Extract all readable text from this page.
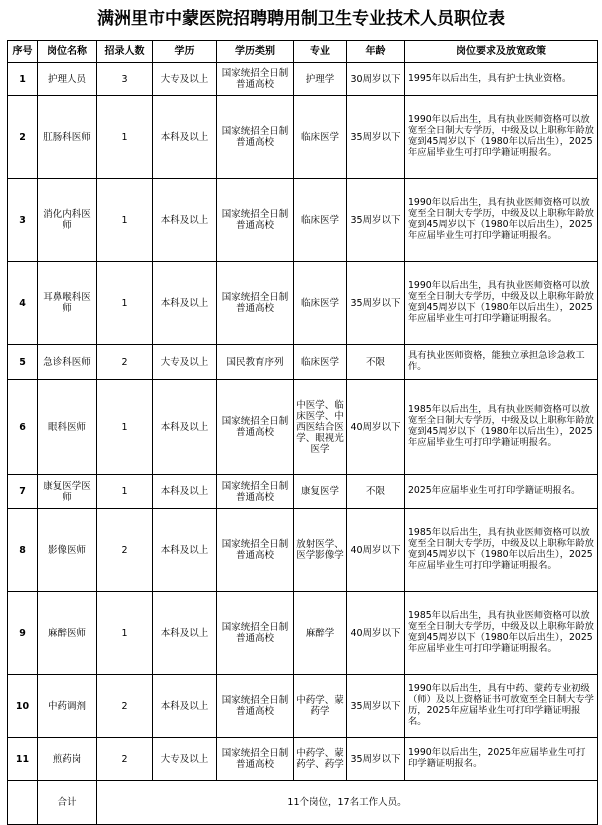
满洲里市中蒙医院招聘聘用制卫生专业技术人员职位表
序号	岗位名称	招录人数	学历	学历类别	专业	年龄	岗位要求及放宽政策
1	护理人员	3	大专及以上	国家统招全日制普通高校	护理学	30周岁以下	1995年以后出生，具有护士执业资格。
2	肛肠科医师	1	本科及以上	国家统招全日制普通高校	临床医学	35周岁以下	1990年以后出生，具有执业医师资格可以放宽至全日制大专学历，中级及以上职称年龄放宽到45周岁以下（1980年以后出生），2025年应届毕业生可打印学籍证明报名。
3	消化内科医师	1	本科及以上	国家统招全日制普通高校	临床医学	35周岁以下	1990年以后出生，具有执业医师资格可以放宽至全日制大专学历，中级及以上职称年龄放宽到45周岁以下（1980年以后出生），2025年应届毕业生可打印学籍证明报名。
4	耳鼻喉科医师	1	本科及以上	国家统招全日制普通高校	临床医学	35周岁以下	1990年以后出生，具有执业医师资格可以放宽至全日制大专学历，中级及以上职称年龄放宽到45周岁以下（1980年以后出生），2025年应届毕业生可打印学籍证明报名。
5	急诊科医师	2	大专及以上	国民教育序列	临床医学	不限	具有执业医师资格，能独立承担急诊急救工作。
6	眼科医师	1	本科及以上	国家统招全日制普通高校	中医学、临床医学、中西医结合医学、眼视光医学	40周岁以下	1985年以后出生，具有执业医师资格可以放宽至全日制大专学历，中级及以上职称年龄放宽到45周岁以下（1980年以后出生），2025年应届毕业生可打印学籍证明报名。
7	康复医学医师	1	本科及以上	国家统招全日制普通高校	康复医学	不限	2025年应届毕业生可打印学籍证明报名。
8	影像医师	2	本科及以上	国家统招全日制普通高校	放射医学、医学影像学	40周岁以下	1985年以后出生，具有执业医师资格可以放宽至全日制大专学历，中级及以上职称年龄放宽到45周岁以下（1980年以后出生），2025年应届毕业生可打印学籍证明报名。
9	麻醉医师	1	本科及以上	国家统招全日制普通高校	麻醉学	40周岁以下	1985年以后出生，具有执业医师资格可以放宽至全日制大专学历，中级及以上职称年龄放宽到45周岁以下（1980年以后出生），2025年应届毕业生可打印学籍证明报名。
10	中药调剂	2	本科及以上	国家统招全日制普通高校	中药学、蒙药学	35周岁以下	1990年以后出生，具有中药、蒙药专业初级（师）及以上资格证书可放宽至全日制大专学历，2025年应届毕业生可打印学籍证明报名。
11	煎药岗	2	大专及以上	国家统招全日制普通高校	中药学、蒙药学、药学	35周岁以下	1990年以后出生，2025年应届毕业生可打印学籍证明报名。
	合计	11个岗位，17名工作人员。					
